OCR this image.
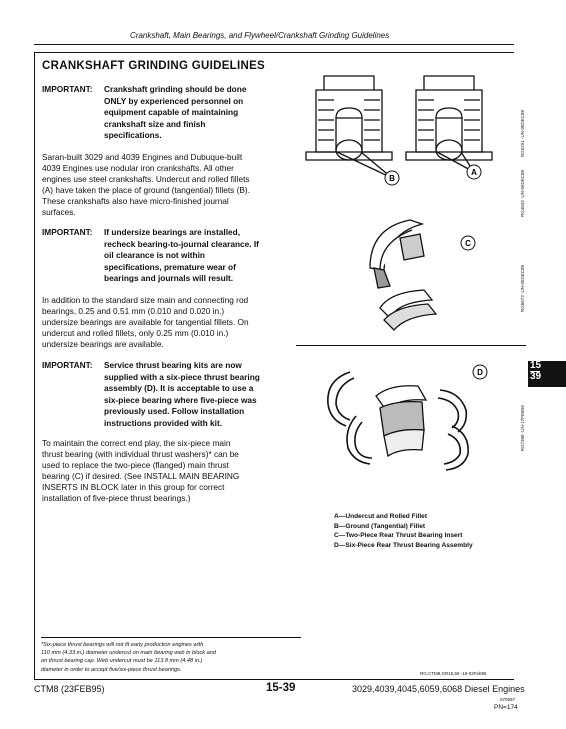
Crankshaft, Main Bearings, and Flywheel/Crankshaft Grinding Guidelines
CRANKSHAFT GRINDING GUIDELINES
IMPORTANT: Crankshaft grinding should be done
ONLY by experienced personnel on
equipment capable of maintaining
crankshaft size and finish
specifications.
Saran-built 3029 and 4039 Engines and Dubuque-built
4039 Engines use nodular iron crankshafts. All other
engines use steel crankshafts. Undercut and rolled fillets
(A) have taken the place of ground (tangential) fillets (B).
These crankshafts also have micro-finished journal
surfaces.
IMPORTANT: If undersize bearings are installed,
recheck bearing-to-journal clearance. If
oil clearance is not within
specifications, premature wear of
bearings and journals will result.
In addition to the standard size main and connecting rod
bearings, 0.25 and 0.51 mm (0.010 and 0.020 in.)
undersize bearings are available for tangential fillets. On
undercut and rolled fillets, only 0.25 mm (0.010 in.)
undersize bearings are available.
IMPORTANT: Service thrust bearing kits are now
supplied with a six-piece thrust bearing
assembly (D). It is acceptable to use a
six-piece bearing where five-piece was
previously used. Follow installation
instructions provided with kit.
To maintain the correct end play, the six-piece main
thrust bearing (with individual thrust washers)* can be
used to replace the two-piece (flanged) main thrust
bearing (C) if desired. (See INSTALL MAIN BEARING
INSERTS IN BLOCK later in this group for correct
installation of five-piece thrust bearings.)
B
A
C
D
RG5291 -UN-08DEC88
RG4843 -UN-05DEC88
RG6673 -UN-05DEC88
RG7388 -UN-17FEB95
15
39
A—Undercut and Rolled Fillet
B—Ground (Tangential) Fillet
C—Two-Piece Rear Thrust Bearing Insert
D—Six-Piece Rear Thrust Bearing Assembly
*Six-piece thrust bearings will not fit early production engines with
110 mm (4.33 in.) diameter undercut on main bearing web in block and
on thrust bearing cap. Web undercut must be 113.8 mm (4.48 in.)
diameter in order to accept five/six-piece thrust bearings.
RG,CTM8,GR15,59 -19-02Feb95
CTM8 (23FEB95)	15-39	3029,4039,4045,6059,6068 Diesel Engines
070597
PN=174
